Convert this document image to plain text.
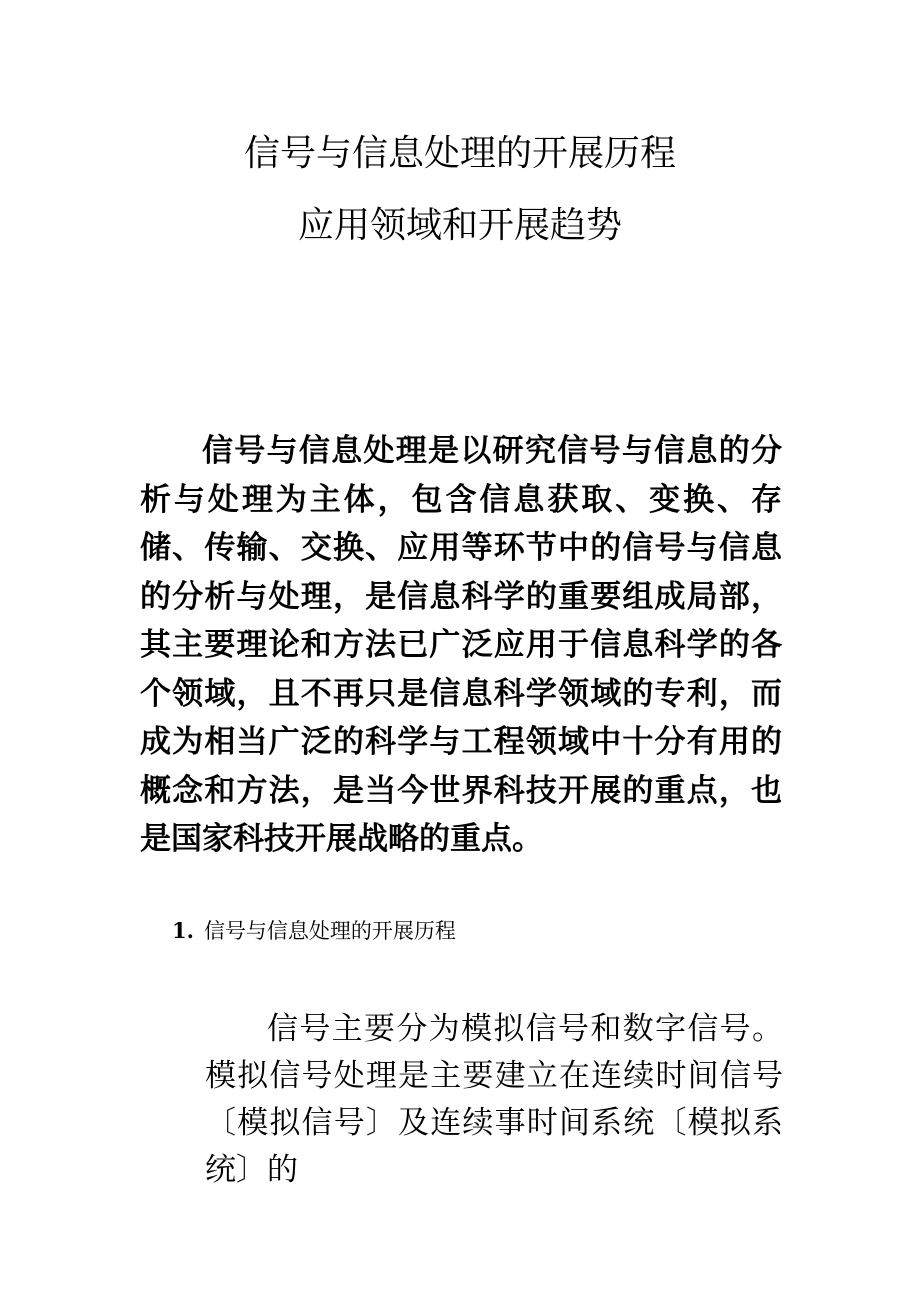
信号与信息处理的开展历程
应用领域和开展趋势

信号与信息处理是以研究信号与信息的分析与处理为主体，包含信息获取、变换、存储、传输、交换、应用等环节中的信号与信息的分析与处理，是信息科学的重要组成局部，其主要理论和方法已广泛应用于信息科学的各个领域，且不再只是信息科学领域的专利，而成为相当广泛的科学与工程领域中十分有用的概念和方法，是当今世界科技开展的重点，也是国家科技开展战略的重点。

1. 信号与信息处理的开展历程

信号主要分为模拟信号和数字信号。模拟信号处理是主要建立在连续时间信号〔模拟信号〕及连续事时间系统〔模拟系统〕的
